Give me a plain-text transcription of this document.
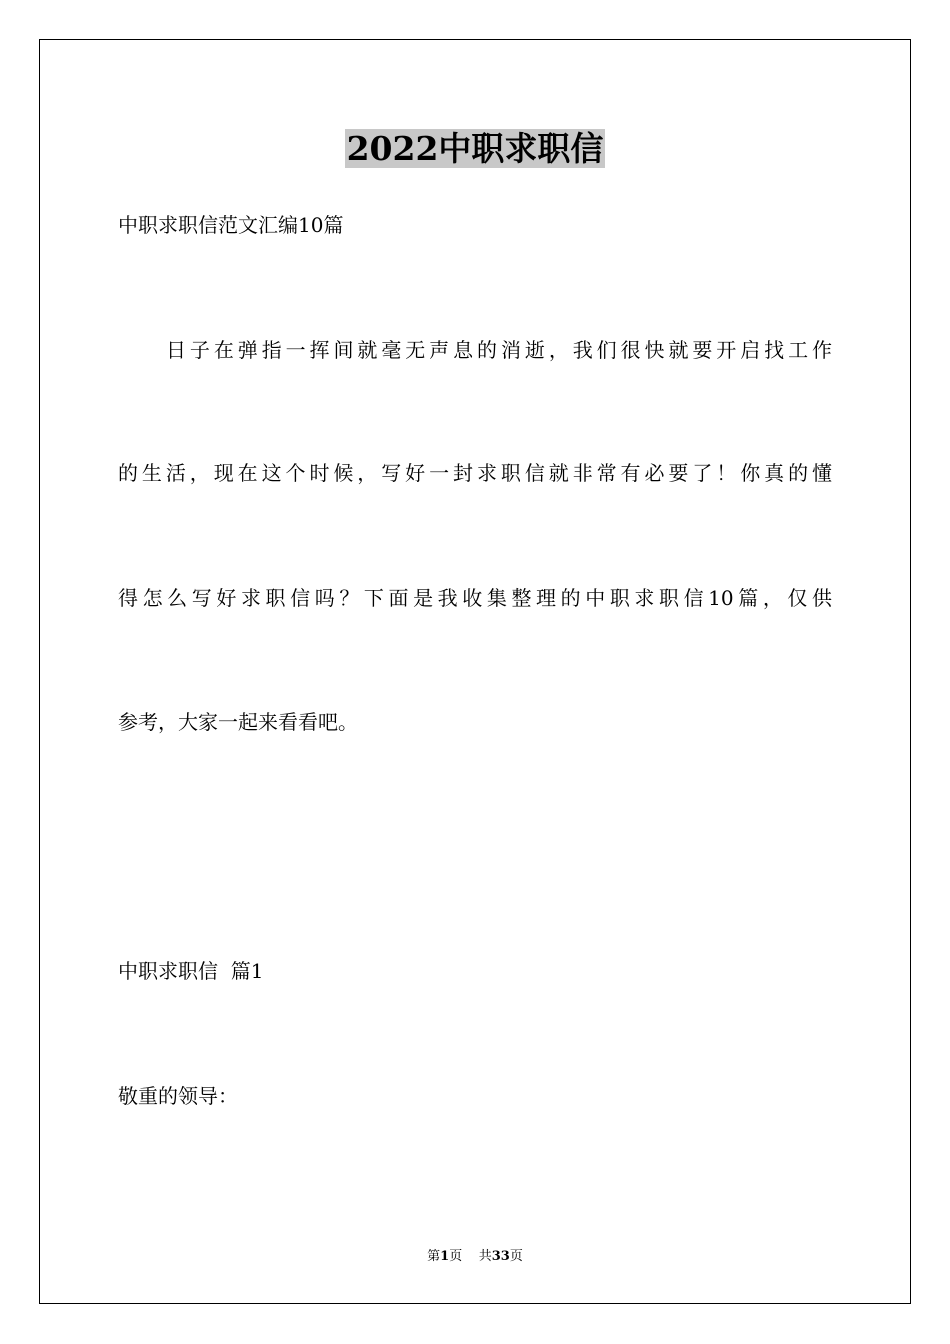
2022中职求职信
中职求职信范文汇编10篇
日子在弹指一挥间就毫无声息的消逝，我们很快就要开启找工作
的生活，现在这个时候，写好一封求职信就非常有必要了！你真的懂
得怎么写好求职信吗？下面是我收集整理的中职求职信10篇，仅供
参考，大家一起来看看吧。
中职求职信  篇1
敬重的领导：
第1页 共33页
